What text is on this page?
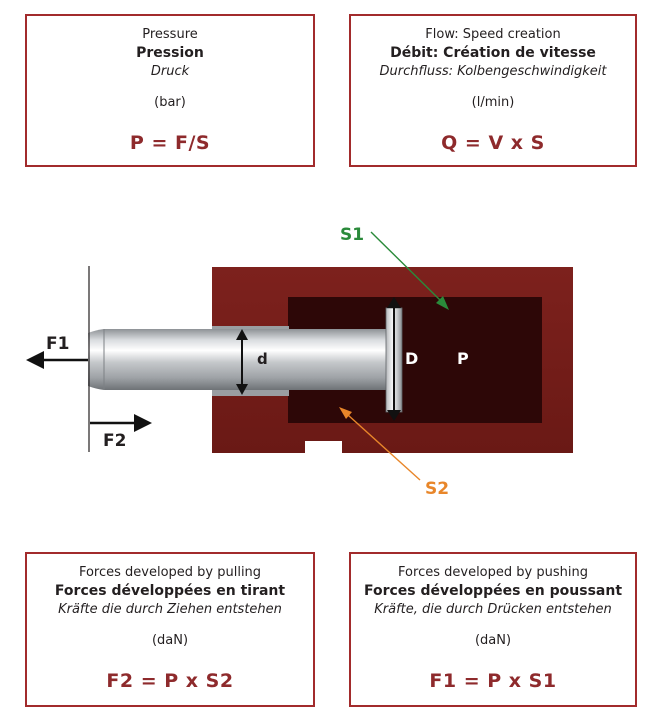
Pressure
Pression
Druck
(bar)
P = F/S
Flow: Speed creation
Débit: Création de vitesse
Durchfluss: Kolbengeschwindigkeit
(l/min)
Q = V x S
d	D P
S1
S2
F1
F2
Forces developed by pulling
Forces développées en tirant
Kräfte die durch Ziehen entstehen
(daN)
F2 = P x S2
Forces developed by pushing
Forces développées en poussant
Kräfte, die durch Drücken entstehen
(daN)
F1 = P x S1
